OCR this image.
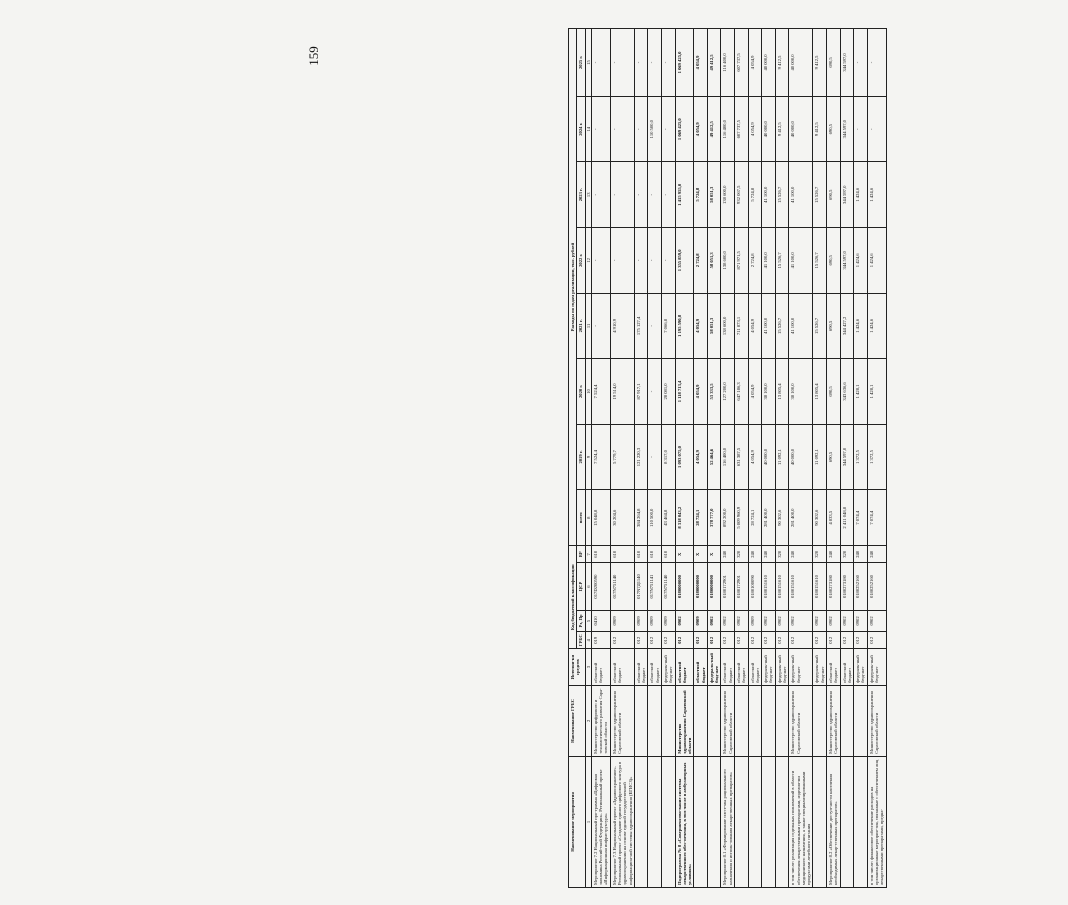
159
Наименование мероприятия	Наименование ГРБС	Источни-ки средств	Код бюджетной классификации				Расходы по годам реализации, тыс. рублей							
			ГРБС	Рз, Пр	ЦСР	ВР	всего	2019 г.	2020 г.	2021 г.	2022 г.	2023 г.	2024 г.	2025 г.

1	2	3	4	5	6	7	8	9	10	11	12	13	14	15
Мероприятие 7.2 Национальный про-грамма «Цифровая экономика Россий-ской Федерации». Региональный проект «Информационная инфраструктура»	Министерство цифрового и технологического развития Сара-товской области	областной бюджет	019	0410	017D200590	610	15 048,8	7 524,4	7 524,4	-	-	-	-	-
Мероприятие 7.3 Национальный проект «Здравоохранение». Региональный проект «Создание единого цифрового контура в здравоохранении на основе единой государственной информацион-ной системы здравоохранения (ЕГИСЗ)»	Министерство здравоохранения Саратовской области	областной бюджет	012	0909	017N751140	610	30 204,6	5 779,7	19 514,0	4 910,9	-	-	-	-
		областной бюджет	012	0909	017N7Д1140	610	384 264,8	121 220,3	87 917,1	175 127,4	-	-	-	-
		областной бюджет	012	0909	017N751141	610	110 500,0	-	-	-	-	-	110 500,0	-
		федераль-ный бюд-жет	012	0909	017N751140	610	43 464,8	8 317,0	28 081,0	7 066,8	-	-	-	-
Подпрограмма № 8 «Совершенство-вание системы лекарственного обес-печения, в том числе в амбулаторных условиях»	Министерство здравоохранения Саратовской области	областной бюджет	012	0902	0180000000	Х	8 318 043,2	1 093 075,0	1 118 713,4	1 195 590,8	1 355 859,0	1 415 955,0	1 069 425,0	1 069 425,0
		областной бюджет	012	0909	0180000000	Х	28 724,1	4 054,9	4 054,9	4 054,9	2 724,8	5 724,8	4 054,9	4 054,9
		федераль-ный бюд-жет	012	0902	0180000000	Х	378 777,0	52 464,6	53 333,5	58 051,3	58 051,3	58 051,3	49 412,5	49 412,5
Мероприятие 8.1 «Формирование систе-мы рационального назначения и исполь-зования лекарственных препаратов»	Министерство здравоохранения Саратовской области	областной бюджет	012	0902	0180172901	240	892 200,0	116 400,0	127 200,0	138 600,0	138 600,0	138 600,0	116 400,0	116 400,0
		областной бюджет	012	0902	0180172901	320	5 009 960,9	631 387,5	647 186,3	711 873,1	871 971,5	932 067,5	607 737,5	607 737,5
		областной бюджет	012	0909	0180100090	240	28 724,1	4 054,9	4 054,9	4 054,9	2 724,8	5 724,8	4 054,9	4 054,9
		федераль-ный бюд-жет	012	0902	0180151610	240	281 400,0	40 000,0	38 100,0	41 100,0	41 100,0	41 100,0	40 000,0	40 000,0
		федераль-ный бюд-жет	012	0902	0180151610	320	90 302,6	11 092,1	13 805,4	15 526,7	15 526,7	15 526,7	9 412,5	9 412,5
в том числе: реализация отдельных полномочий в области обеспечения лекарственными препаратами, изделия-ми медицинского назначения, а также специализированными продуктами лечебного питания	Министерство здравоохранения Саратовской области	федераль-ный бюд-жет	012	0902	0180151610	240	281 400,0	40 000,0	38 100,0	41 100,0	41 100,0	41 100,0	40 000,0	40 000,0
		федераль-ный бюд-жет	012	0902	0180151610	320	90 302,6	11 092,1	13 805,4	15 526,7	15 526,7	15 526,7	9 412,5	9 412,5
Мероприятие 8.2 «Обеспечение доступ-ности населения необходимых лекар-ственных препаратов»	Министерство здравоохранения Саратовской области	областной бюджет	012	0902	0180273180	240	4 833,5	690,5	690,5	690,5	690,5	690,5	690,5	690,5
		областной бюджет	012	0902	0180273180	320	2 411 048,8	344 597,0	343 636,6	344 427,2	344 597,0	344 597,0	344 597,0	344 597,0
		федераль-ный бюд-жет	012	0902	0180252160	240	7 074,4	1 372,5	1 428,1	1 424,6	1 424,6	1 424,6	-	-
в том числе: финансовое обеспечение расходов на организационные мероприя-тия, связанные с обеспечением лиц лекарственными препаратами, предна-	Министерство здравоохранения Саратовской области	федераль-ный бюд-жет	012	0902	0180252160	240	7 074,4	1 372,5	1 428,1	1 424,6	1 424,6	1 424,6	-	-
